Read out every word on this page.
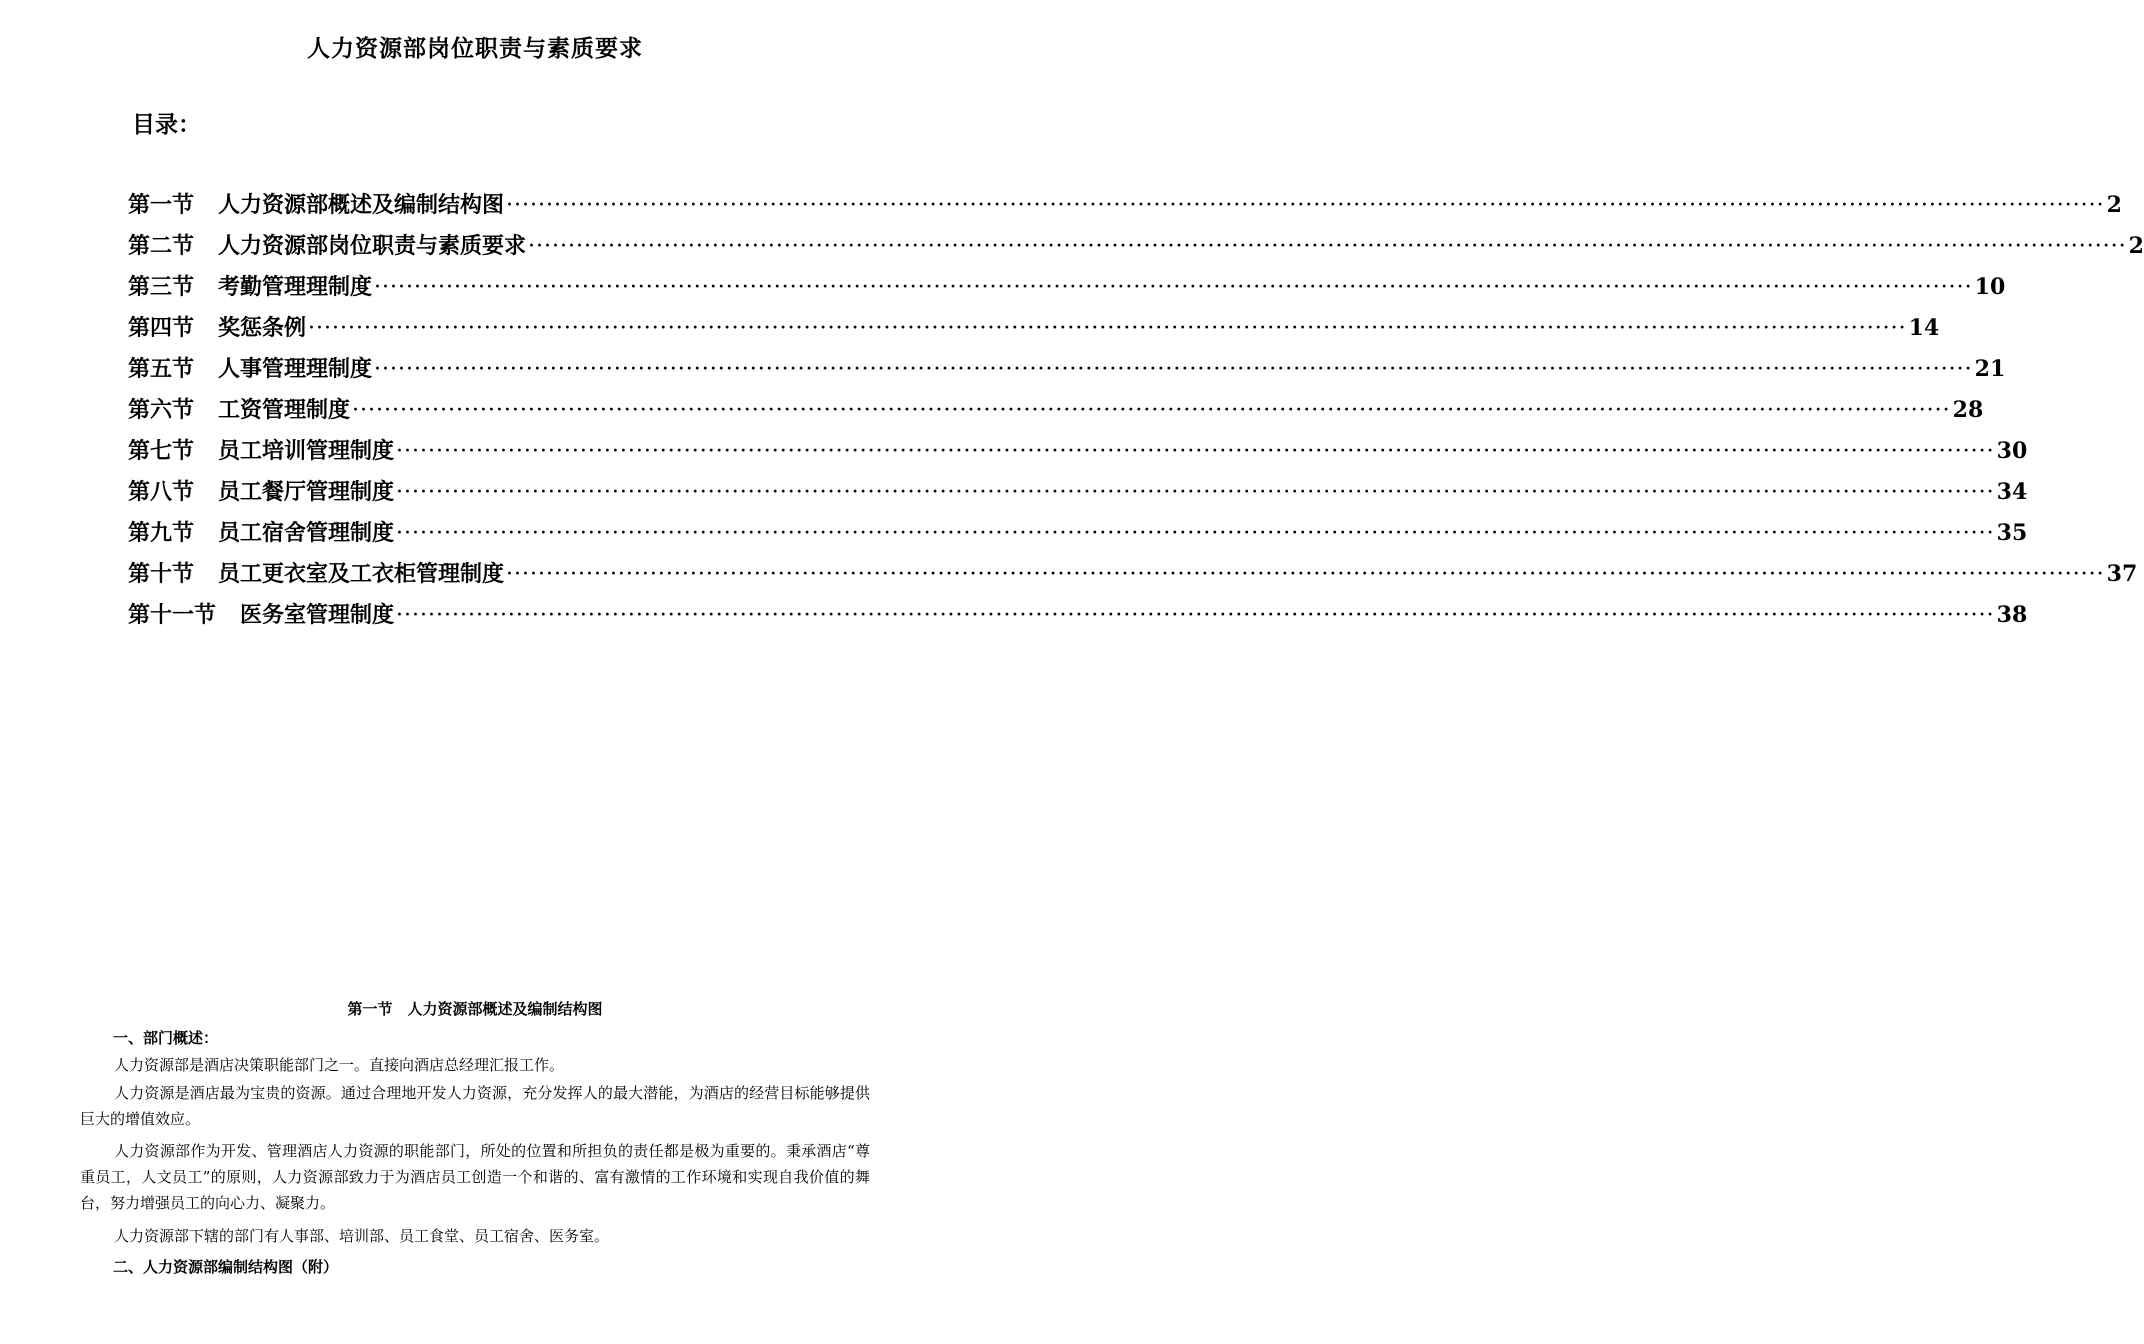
人力资源部岗位职责与素质要求
目录：
第一节	人力资源部概述及编制结构图 ········································································································································································································ 2
第二节	人力资源部岗位职责与素质要求 ········································································································································································································ 2
第三节	考勤管理理制度 ········································································································································································································ 10
第四节	奖惩条例 ········································································································································································································ 14
第五节	人事管理理制度 ········································································································································································································ 21
第六节	工资管理制度 ········································································································································································································ 28
第七节	员工培训管理制度 ········································································································································································································ 30
第八节	员工餐厅管理制度 ········································································································································································································ 34
第九节	员工宿舍管理制度 ········································································································································································································ 35
第十节	员工更衣室及工衣柜管理制度 ········································································································································································································ 37
第十一节	医务室管理制度 ········································································································································································································ 38
第一节　人力资源部概述及编制结构图
一、部门概述：

人力资源部是酒店决策职能部门之一。直接向酒店总经理汇报工作。

人力资源是酒店最为宝贵的资源。通过合理地开发人力资源，充分发挥人的最大潜能，为酒店的经营目标能够提供巨大的增值效应。

人力资源部作为开发、管理酒店人力资源的职能部门，所处的位置和所担负的责任都是极为重要的。秉承酒店“尊重员工，人文员工”的原则，人力资源部致力于为酒店员工创造一个和谐的、富有激情的工作环境和实现自我价值的舞台，努力增强员工的向心力、凝聚力。

人力资源部下辖的部门有人事部、培训部、员工食堂、员工宿舍、医务室。

二、人力资源部编制结构图（附）
